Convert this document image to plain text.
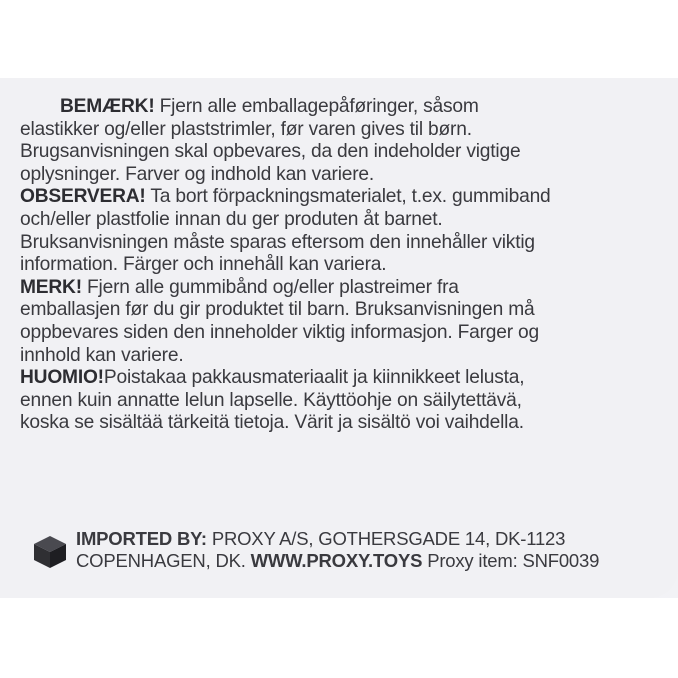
BEMÆRK! Fjern alle emballagepåføringer, såsom
elastikker og/eller plaststrimler, før varen gives til børn.
Brugsanvisningen skal opbevares, da den indeholder vigtige
oplysninger. Farver og indhold kan variere.

OBSERVERA! Ta bort förpackningsmaterialet, t.ex. gummiband
och/eller plastfolie innan du ger produten åt barnet.
Bruksanvisningen måste sparas eftersom den innehåller viktig
information. Färger och innehåll kan variera.

MERK! Fjern alle gummibånd og/eller plastreimer fra
emballasjen før du gir produktet til barn. Bruksanvisningen må
oppbevares siden den inneholder viktig informasjon. Farger og
innhold kan variere.

HUOMIO!Poistakaa pakkausmateriaalit ja kiinnikkeet lelusta,
ennen kuin annatte lelun lapselle. Käyttöohje on säilytettävä,
koska se sisältää tärkeitä tietoja. Värit ja sisältö voi vaihdella.

IMPORTED BY: PROXY A/S, GOTHERSGADE 14, DK-1123
COPENHAGEN, DK. WWW.PROXY.TOYS Proxy item: SNF0039
